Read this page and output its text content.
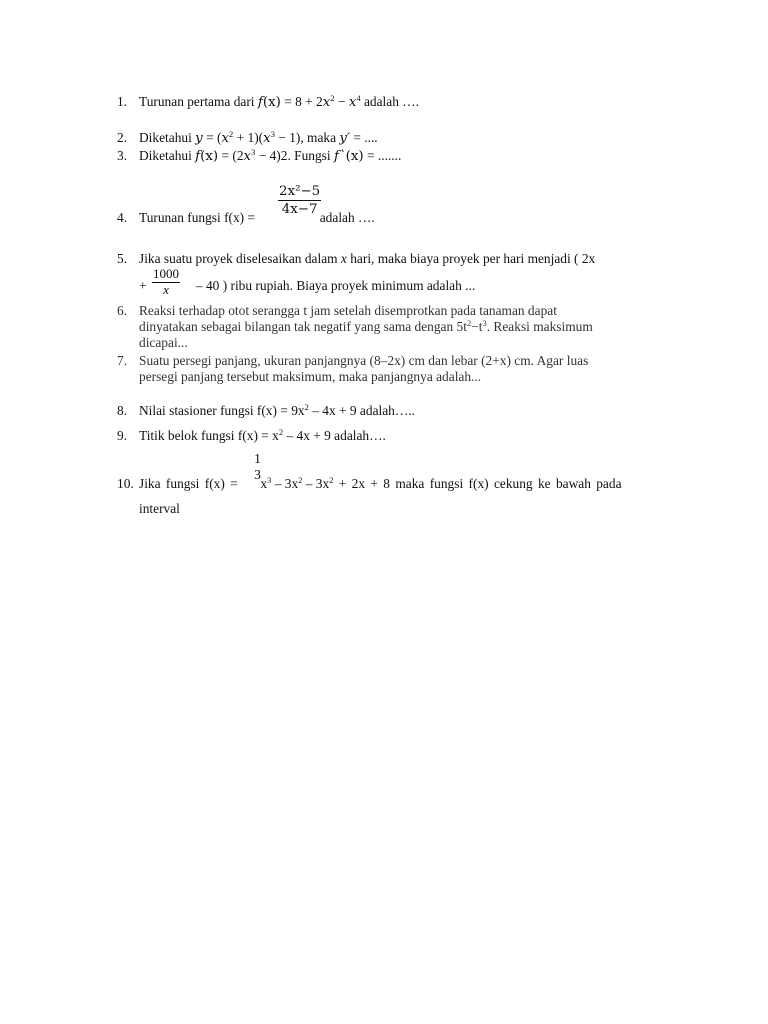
1. Turunan pertama dari $f(x) = 8 + 2x^2 - x^4$ adalah ….
2. Diketahui $y = (x^2 + 1)(x^3 - 1)$, maka y′ = ....
3. Diketahui $f(x) = (2x^3 - 4)2$. Fungsi fˋ(x) = .......
$\frac{\text{2x²−5}}{4x-7}$
4. Turunan fungsi f(x) =	adalah ….
5. Jika suatu proyek diselesaikan dalam x hari, maka biaya proyek per hari menjadi ( 2x
+	– 40 ) ribu rupiah. Biaya proyek minimum adalah ...
$\frac{1000}{x}$
6. Reaksi terhadap otot serangga t jam setelah disemprotkan pada tanaman dapat
dinyatakan sebagai bilangan tak negatif yang sama dengan $5t^2-t^3$. Reaksi maksimum
dicapai...
7. Suatu persegi panjang, ukuran panjangnya (8–2x) cm dan lebar (2+x) cm. Agar luas
persegi panjang tersebut maksimum, maka panjangnya adalah...
8. Nilai stasioner fungsi $f(x) = 9x^2 - 4x + 9$ adalah…..
9. Titik belok fungsi $f(x) = x^2 - 4x + 9$ adalah….
1
3
10. Jika fungsi $f(x) = x^3 - 3x^2 - 3x^2 + 2x + 8$ maka fungsi f(x) cekung ke bawah pada
interval
